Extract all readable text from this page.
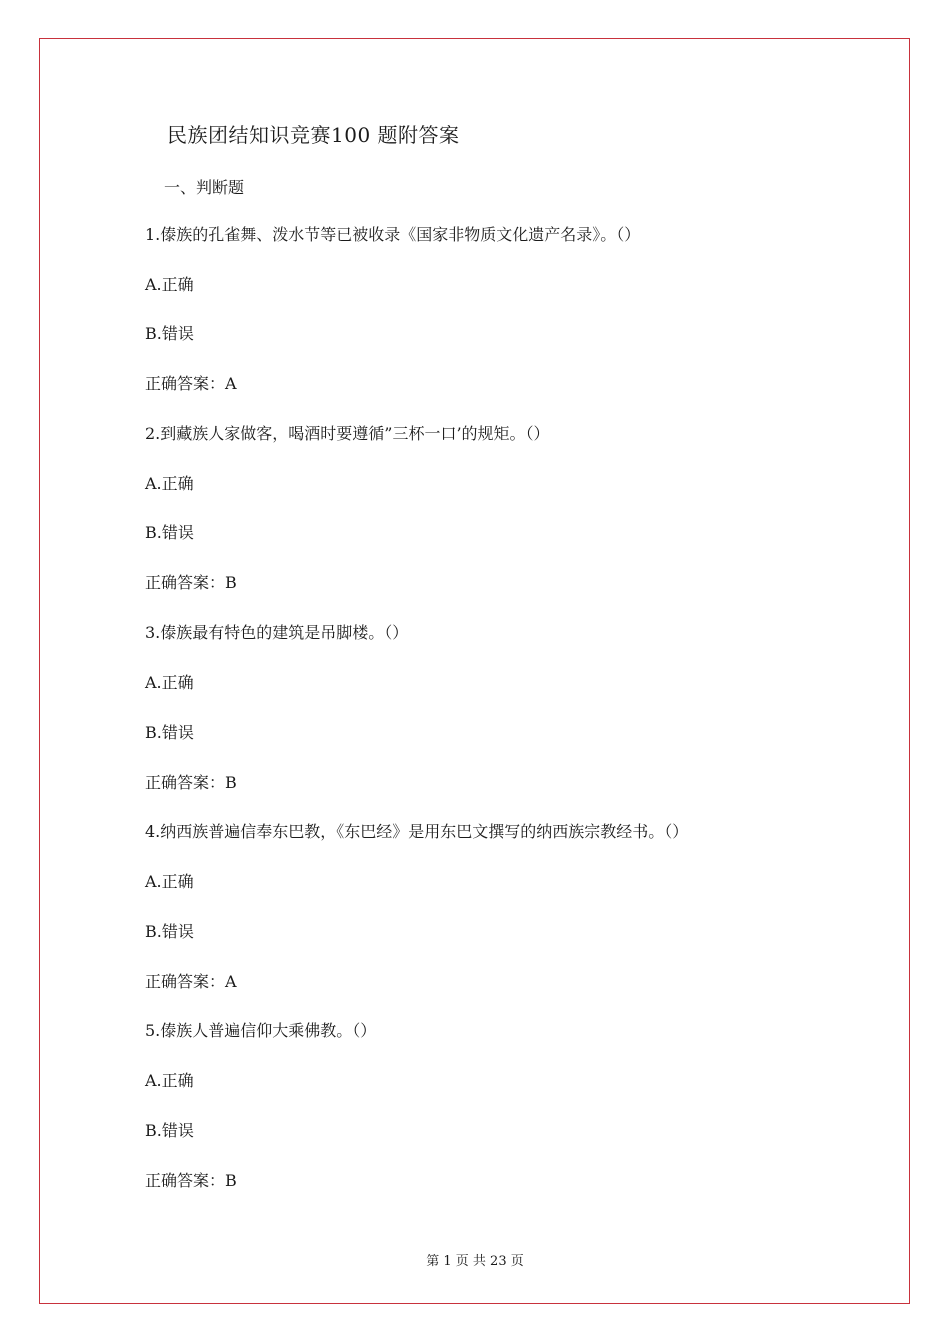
民族团结知识竞赛100 题附答案
一、判断题
1.傣族的孔雀舞、泼水节等已被收录《国家非物质文化遗产名录》。（）
A.正确
B.错误
正确答案：A
2.到藏族人家做客，喝酒时要遵循”三杯一口’的规矩。（）
A.正确
B.错误
正确答案：B
3.傣族最有特色的建筑是吊脚楼。（）
A.正确
B.错误
正确答案：B
4.纳西族普遍信奉东巴教，《东巴经》是用东巴文撰写的纳西族宗教经书。（）
A.正确
B.错误
正确答案：A
5.傣族人普遍信仰大乘佛教。（）
A.正确
B.错误
正确答案：B
第 1 页 共 23 页
